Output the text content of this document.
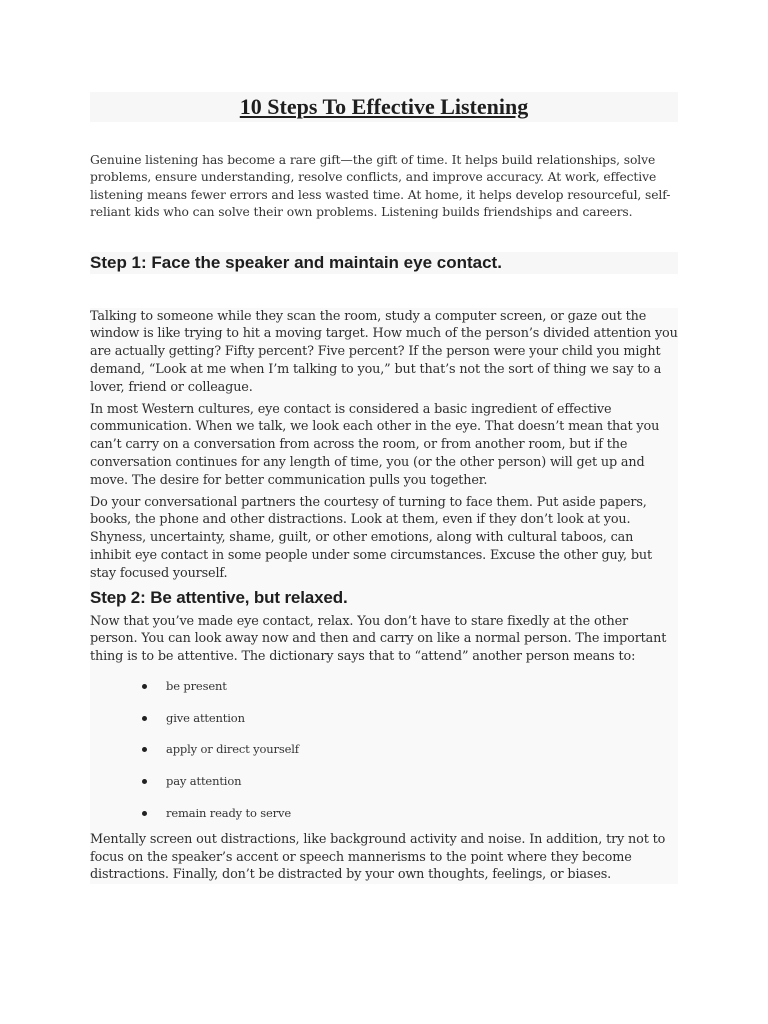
10 Steps To Effective Listening

Genuine listening has become a rare gift—the gift of time. It helps build relationships, solve problems, ensure understanding, resolve conflicts, and improve accuracy. At work, effective listening means fewer errors and less wasted time. At home, it helps develop resourceful, self-reliant kids who can solve their own problems. Listening builds friendships and careers.

Step 1: Face the speaker and maintain eye contact.

Talking to someone while they scan the room, study a computer screen, or gaze out the window is like trying to hit a moving target. How much of the person’s divided attention you are actually getting? Fifty percent? Five percent? If the person were your child you might demand, “Look at me when I’m talking to you,” but that’s not the sort of thing we say to a lover, friend or colleague.

In most Western cultures, eye contact is considered a basic ingredient of effective communication. When we talk, we look each other in the eye. That doesn’t mean that you can’t carry on a conversation from across the room, or from another room, but if the conversation continues for any length of time, you (or the other person) will get up and move. The desire for better communication pulls you together.

Do your conversational partners the courtesy of turning to face them. Put aside papers, books, the phone and other distractions. Look at them, even if they don’t look at you. Shyness, uncertainty, shame, guilt, or other emotions, along with cultural taboos, can inhibit eye contact in some people under some circumstances. Excuse the other guy, but stay focused yourself.

Step 2: Be attentive, but relaxed.

Now that you’ve made eye contact, relax. You don’t have to stare fixedly at the other person. You can look away now and then and carry on like a normal person. The important thing is to be attentive. The dictionary says that to “attend” another person means to:

be present
give attention
apply or direct yourself
pay attention
remain ready to serve

Mentally screen out distractions, like background activity and noise. In addition, try not to focus on the speaker’s accent or speech mannerisms to the point where they become distractions. Finally, don’t be distracted by your own thoughts, feelings, or biases.
